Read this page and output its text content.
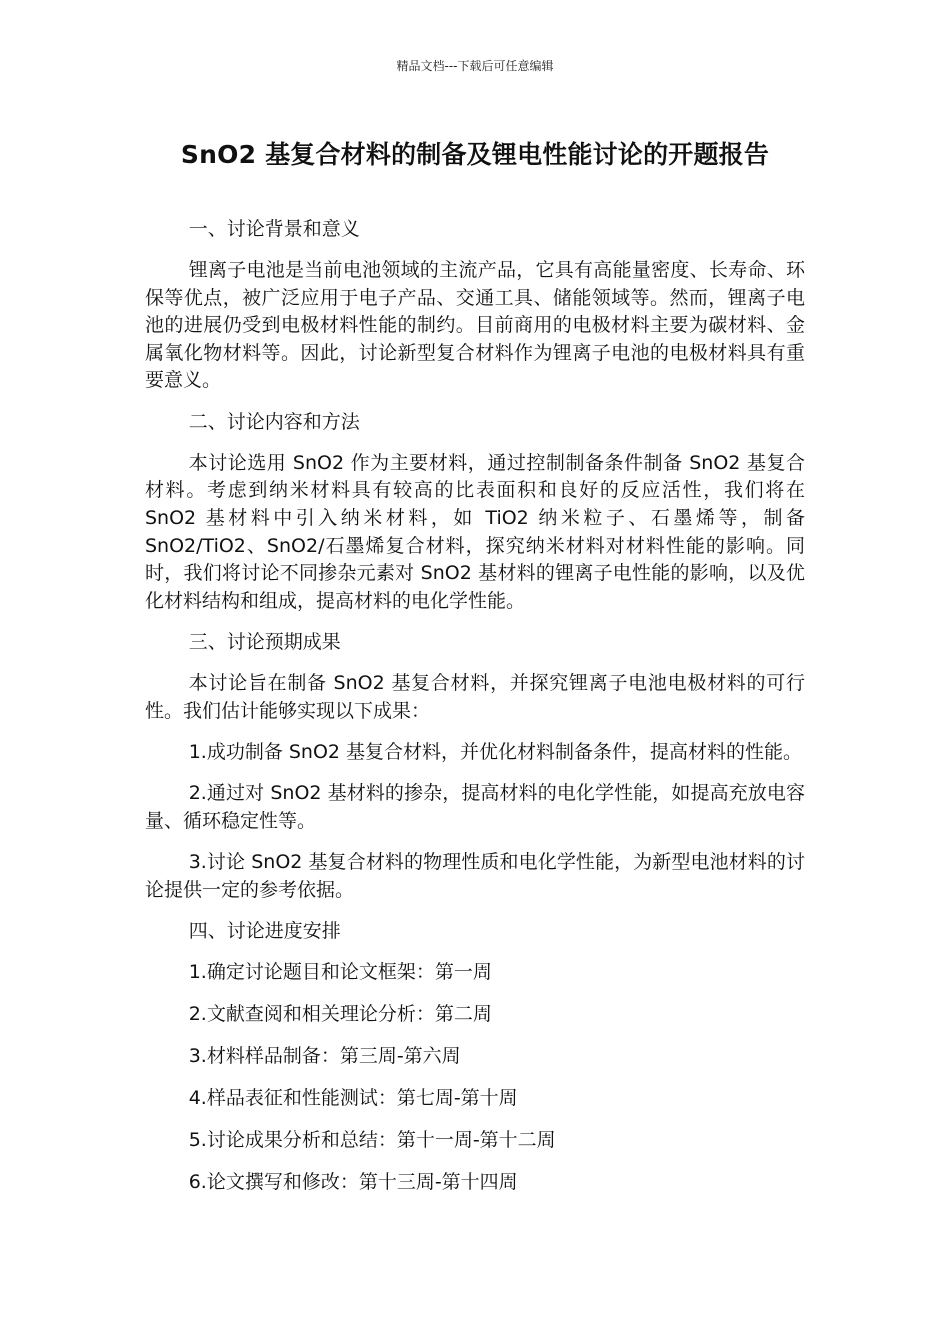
精品文档---下载后可任意编辑
SnO2 基复合材料的制备及锂电性能讨论的开题报告

一、讨论背景和意义

锂离子电池是当前电池领域的主流产品，它具有高能量密度、长寿命、环保等优点，被广泛应用于电子产品、交通工具、储能领域等。然而，锂离子电池的进展仍受到电极材料性能的制约。目前商用的电极材料主要为碳材料、金属氧化物材料等。因此，讨论新型复合材料作为锂离子电池的电极材料具有重要意义。

二、讨论内容和方法

本讨论选用 SnO2 作为主要材料，通过控制制备条件制备 SnO2 基复合材料。考虑到纳米材料具有较高的比表面积和良好的反应活性，我们将在 SnO2 基材料中引入纳米材料，如 TiO2 纳米粒子、石墨烯等，制备 SnO2/TiO2、SnO2/石墨烯复合材料，探究纳米材料对材料性能的影响。同时，我们将讨论不同掺杂元素对 SnO2 基材料的锂离子电性能的影响，以及优化材料结构和组成，提高材料的电化学性能。

三、讨论预期成果

本讨论旨在制备 SnO2 基复合材料，并探究锂离子电池电极材料的可行性。我们估计能够实现以下成果：

1.成功制备 SnO2 基复合材料，并优化材料制备条件，提高材料的性能。

2.通过对 SnO2 基材料的掺杂，提高材料的电化学性能，如提高充放电容量、循环稳定性等。

3.讨论 SnO2 基复合材料的物理性质和电化学性能，为新型电池材料的讨论提供一定的参考依据。

四、讨论进度安排

1.确定讨论题目和论文框架：第一周

2.文献查阅和相关理论分析：第二周

3.材料样品制备：第三周-第六周

4.样品表征和性能测试：第七周-第十周

5.讨论成果分析和总结：第十一周-第十二周

6.论文撰写和修改：第十三周-第十四周
